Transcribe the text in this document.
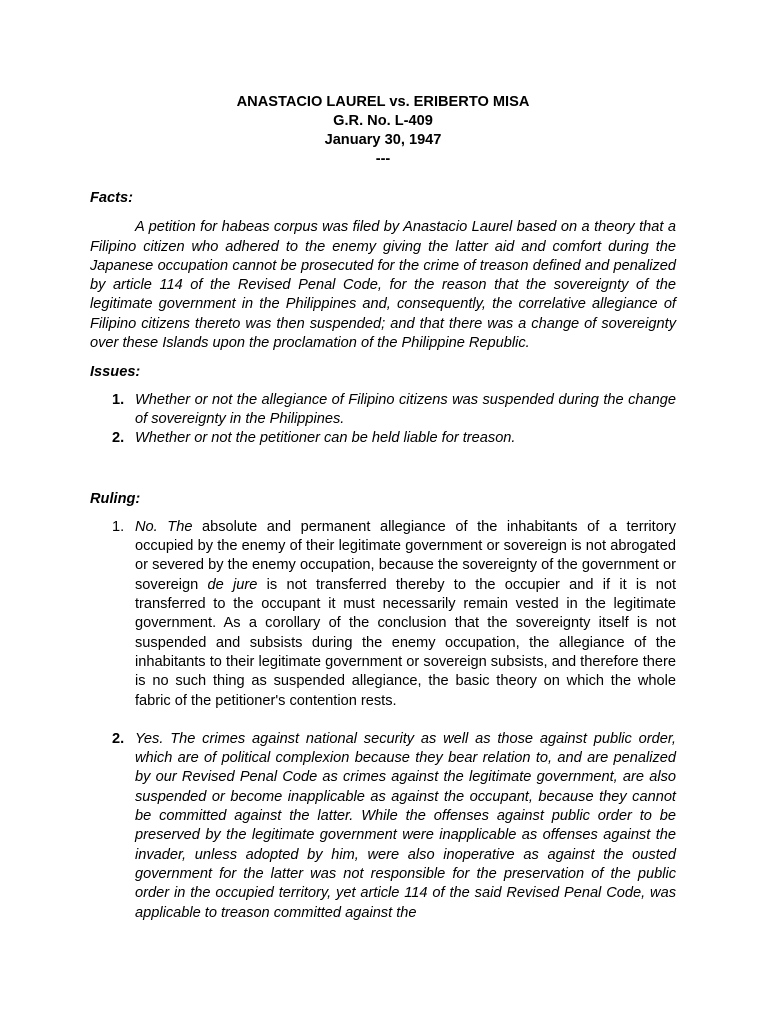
ANASTACIO LAUREL vs. ERIBERTO MISA
G.R. No. L-409
January 30, 1947
---
Facts:
A petition for habeas corpus was filed by Anastacio Laurel based on a theory that a Filipino citizen who adhered to the enemy giving the latter aid and comfort during the Japanese occupation cannot be prosecuted for the crime of treason defined and penalized by article 114 of the Revised Penal Code, for the reason that the sovereignty of the legitimate government in the Philippines and, consequently, the correlative allegiance of Filipino citizens thereto was then suspended; and that there was a change of sovereignty over these Islands upon the proclamation of the Philippine Republic.
Issues:
1. Whether or not the allegiance of Filipino citizens was suspended during the change of sovereignty in the Philippines.
2. Whether or not the petitioner can be held liable for treason.
Ruling:
1. No. The absolute and permanent allegiance of the inhabitants of a territory occupied by the enemy of their legitimate government or sovereign is not abrogated or severed by the enemy occupation, because the sovereignty of the government or sovereign de jure is not transferred thereby to the occupier and if it is not transferred to the occupant it must necessarily remain vested in the legitimate government. As a corollary of the conclusion that the sovereignty itself is not suspended and subsists during the enemy occupation, the allegiance of the inhabitants to their legitimate government or sovereign subsists, and therefore there is no such thing as suspended allegiance, the basic theory on which the whole fabric of the petitioner's contention rests.

2. Yes. The crimes against national security as well as those against public order, which are of political complexion because they bear relation to, and are penalized by our Revised Penal Code as crimes against the legitimate government, are also suspended or become inapplicable as against the occupant, because they cannot be committed against the latter. While the offenses against public order to be preserved by the legitimate government were inapplicable as offenses against the invader, unless adopted by him, were also inoperative as against the ousted government for the latter was not responsible for the preservation of the public order in the occupied territory, yet article 114 of the said Revised Penal Code, was applicable to treason committed against the
